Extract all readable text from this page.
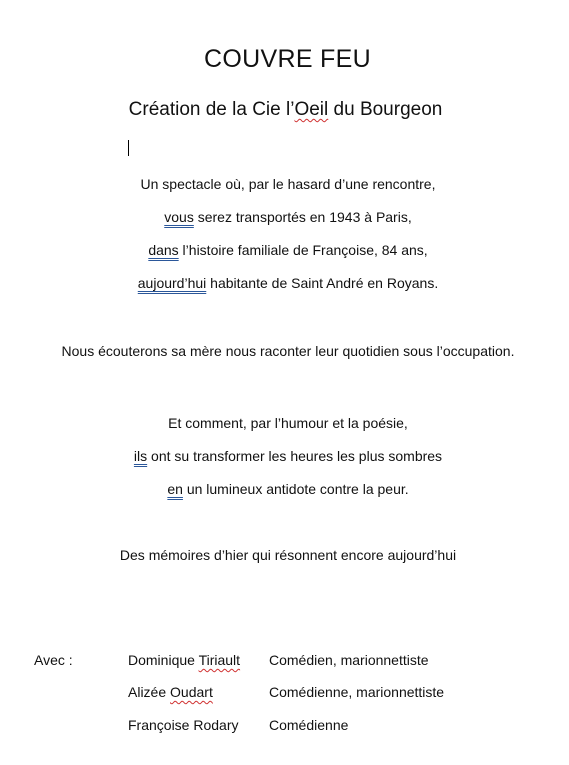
COUVRE FEU
Création de la Cie l’Oeil du Bourgeon
Un spectacle où, par le hasard d’une rencontre,
vous serez transportés en 1943 à Paris,
dans l’histoire familiale de Françoise, 84 ans,
aujourd’hui habitante de Saint André en Royans.
Nous écouterons sa mère nous raconter leur quotidien sous l’occupation.
Et comment, par l’humour et la poésie,
ils ont su transformer les heures les plus sombres
en un lumineux antidote contre la peur.
Des mémoires d’hier qui résonnent encore aujourd’hui
Avec :	Dominique Tiriault Comédien, marionnettiste
Alizée Oudart	Comédienne, marionnettiste
Françoise Rodary Comédienne
